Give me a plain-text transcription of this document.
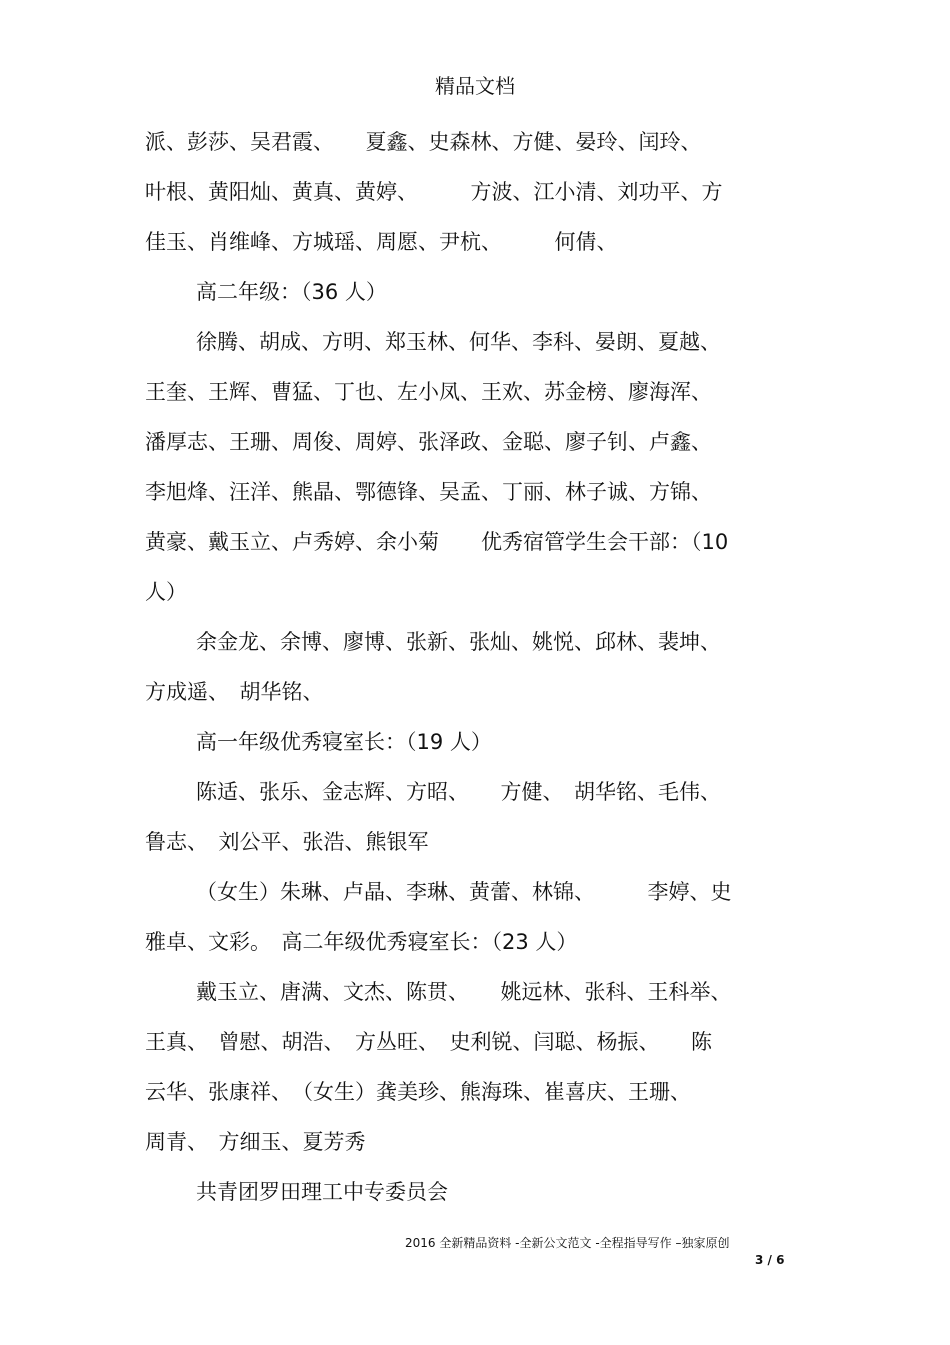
精品文档
派、彭莎、吴君霞、　　夏鑫、史森林、方健、晏玲、闰玲、
叶根、黄阳灿、黄真、黄婷、　　　方波、江小清、刘功平、方
佳玉、肖维峰、方城瑶、周愿、尹杭、　　　何倩、
高二年级：（36 人）
徐腾、胡成、方明、郑玉林、何华、李科、晏朗、夏越、
王奎、王辉、曹猛、丁也、左小凤、王欢、苏金榜、廖海浑、
潘厚志、王珊、周俊、周婷、张泽政、金聪、廖子钊、卢鑫、
李旭烽、汪洋、熊晶、鄂德锋、吴孟、丁丽、林子诚、方锦、
黄豪、戴玉立、卢秀婷、余小菊　　优秀宿管学生会干部：（10
人）
余金龙、余博、廖博、张新、张灿、姚悦、邱林、裴坤、
方成遥、　胡华铭、
高一年级优秀寝室长：（19 人）
陈适、张乐、金志辉、方昭、　　方健、　胡华铭、毛伟、
鲁志、　刘公平、张浩、熊银军
（女生）朱琳、卢晶、李琳、黄蕾、林锦、　　　李婷、史
雅卓、文彩。　高二年级优秀寝室长：（23 人）
戴玉立、唐满、文杰、陈贯、　　姚远林、张科、王科举、
王真、　曾慰、胡浩、　方丛旺、　史利锐、闫聪、杨振、　　陈
云华、张康祥、　（女生）龚美珍、熊海珠、崔喜庆、王珊、
周青、　方细玉、夏芳秀
共青团罗田理工中专委员会
2016 全新精品资料 -全新公文范文 -全程指导写作 –独家原创
3 / 6
